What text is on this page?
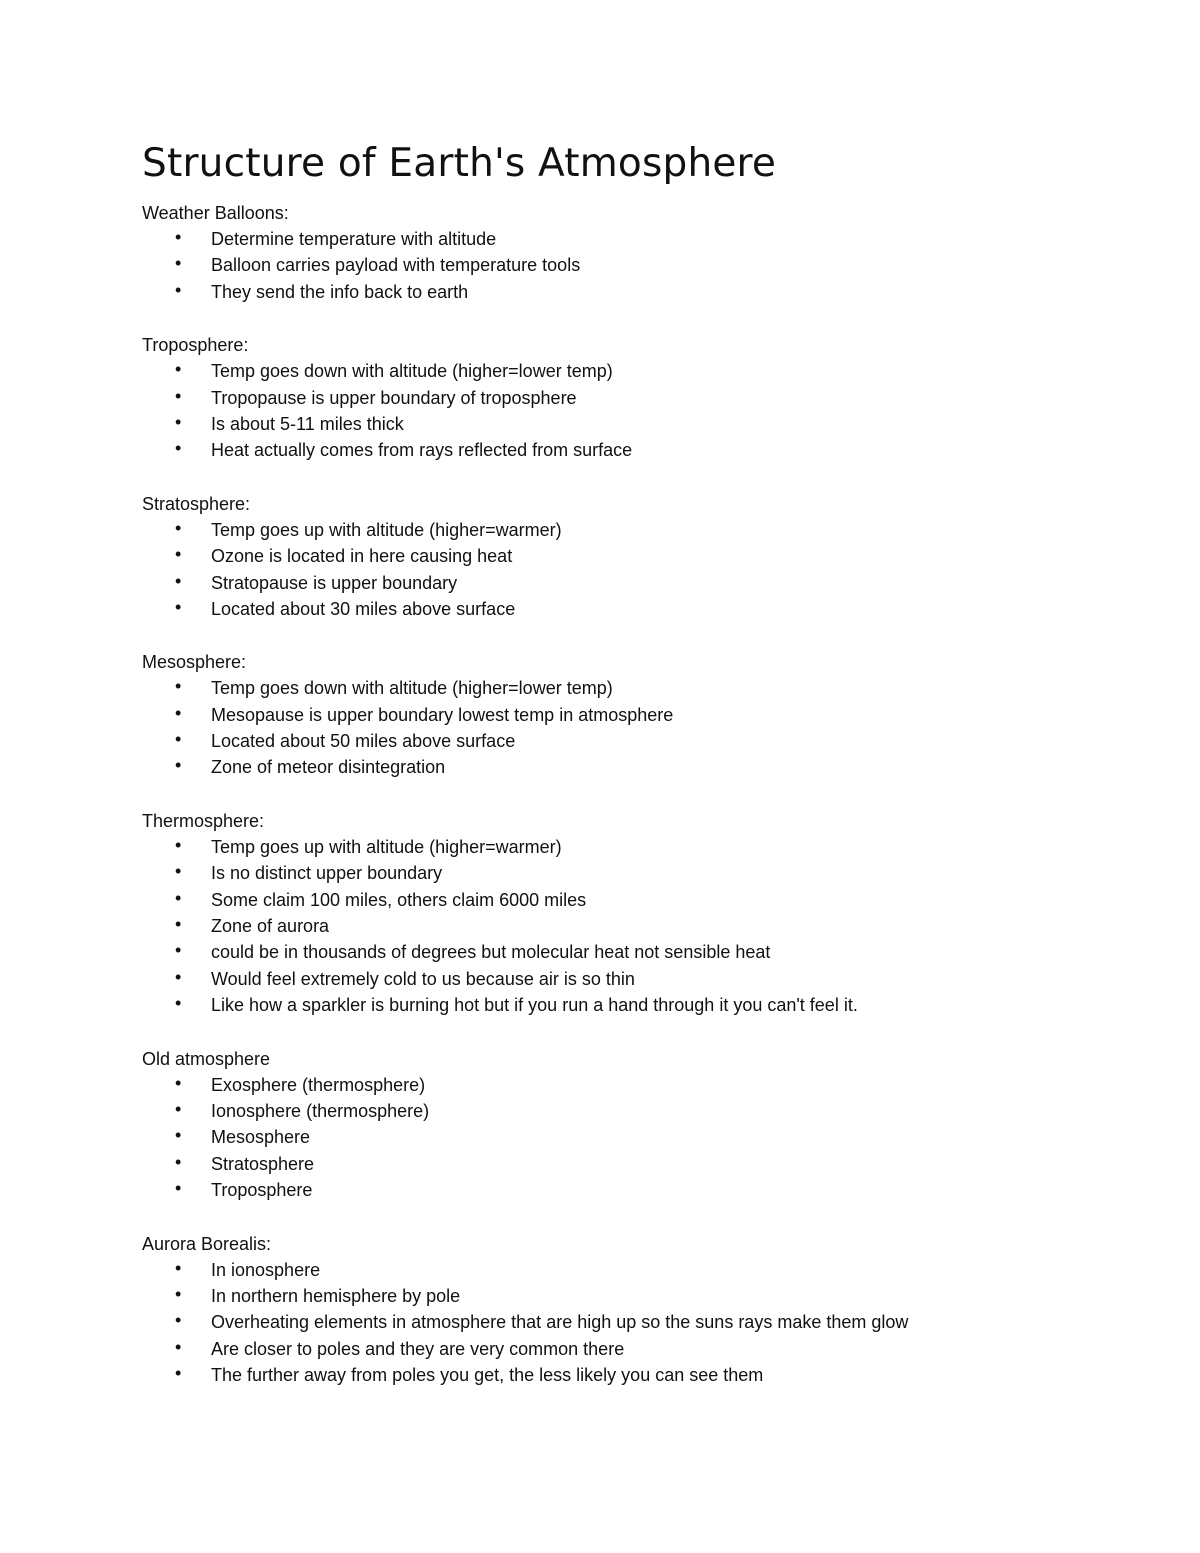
Structure of Earth's Atmosphere
Weather Balloons:
• Determine temperature with altitude
• Balloon carries payload with temperature tools
• They send the info back to earth
Troposphere:
• Temp goes down with altitude (higher=lower temp)
• Tropopause is upper boundary of troposphere
• Is about 5-11 miles thick
• Heat actually comes from rays reflected from surface
Stratosphere:
• Temp goes up with altitude (higher=warmer)
• Ozone is located in here causing heat
• Stratopause is upper boundary
• Located about 30 miles above surface
Mesosphere:
• Temp goes down with altitude (higher=lower temp)
• Mesopause is upper boundary lowest temp in atmosphere
• Located about 50 miles above surface
• Zone of meteor disintegration
Thermosphere:
• Temp goes up with altitude (higher=warmer)
• Is no distinct upper boundary
• Some claim 100 miles, others claim 6000 miles
• Zone of aurora
• could be in thousands of degrees but molecular heat not sensible heat
• Would feel extremely cold to us because air is so thin
• Like how a sparkler is burning hot but if you run a hand through it you can't feel it.
Old atmosphere
• Exosphere (thermosphere)
• Ionosphere (thermosphere)
• Mesosphere
• Stratosphere
• Troposphere
Aurora Borealis:
• In ionosphere
• In northern hemisphere by pole
• Overheating elements in atmosphere that are high up so the suns rays make them glow
• Are closer to poles and they are very common there
• The further away from poles you get, the less likely you can see them
